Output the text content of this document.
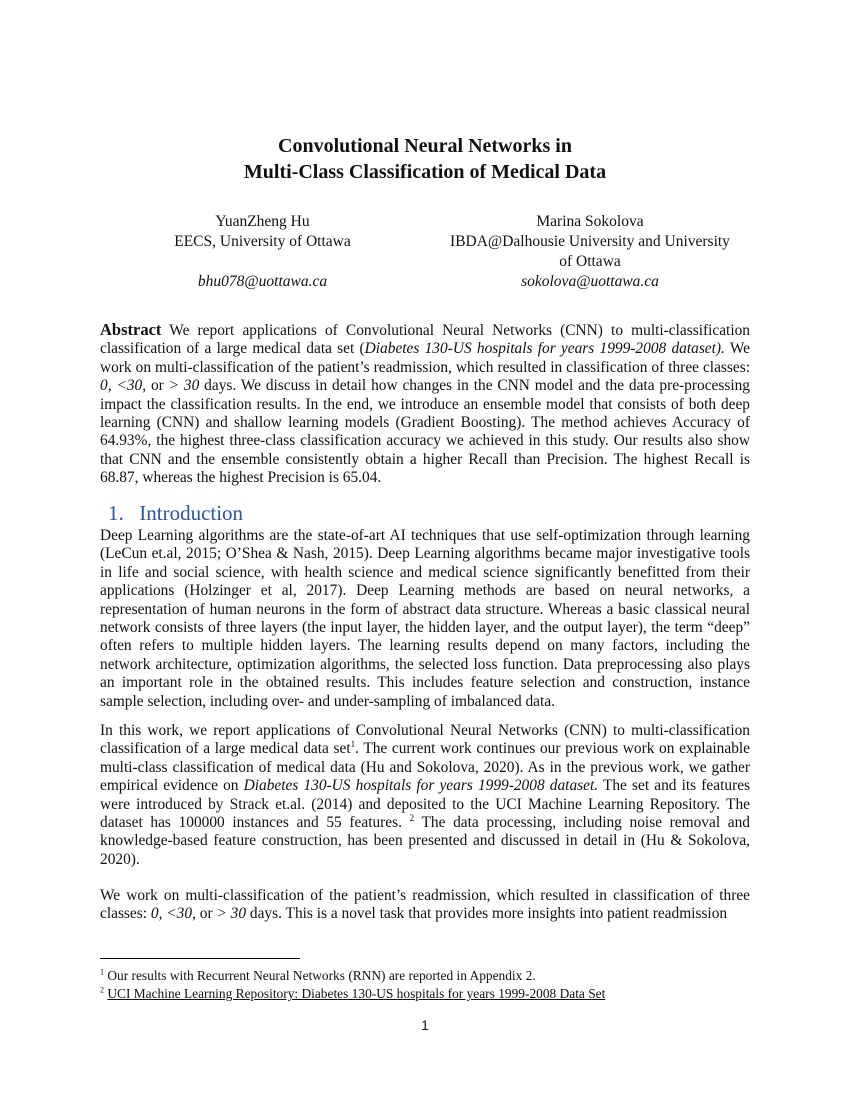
Convolutional Neural Networks in
Multi-Class Classification of Medical Data
YuanZheng Hu
EECS, University of Ottawa
bhu078@uottawa.ca
Marina Sokolova
IBDA@Dalhousie University and University
of Ottawa
sokolova@uottawa.ca
Abstract We report applications of Convolutional Neural Networks (CNN) to multi-classification classification of a large medical data set (Diabetes 130-US hospitals for years 1999-2008 dataset). We work on multi-classification of the patient’s readmission, which resulted in classification of three classes: 0, <30, or > 30 days. We discuss in detail how changes in the CNN model and the data pre-processing impact the classification results. In the end, we introduce an ensemble model that consists of both deep learning (CNN) and shallow learning models (Gradient Boosting). The method achieves Accuracy of 64.93%, the highest three-class classification accuracy we achieved in this study. Our results also show that CNN and the ensemble consistently obtain a higher Recall than Precision. The highest Recall is 68.87, whereas the highest Precision is 65.04.
1. Introduction
Deep Learning algorithms are the state-of-art AI techniques that use self-optimization through learning (LeCun et.al, 2015; O’Shea & Nash, 2015). Deep Learning algorithms became major investigative tools in life and social science, with health science and medical science significantly benefitted from their applications (Holzinger et al, 2017). Deep Learning methods are based on neural networks, a representation of human neurons in the form of abstract data structure. Whereas a basic classical neural network consists of three layers (the input layer, the hidden layer, and the output layer), the term “deep” often refers to multiple hidden layers. The learning results depend on many factors, including the network architecture, optimization algorithms, the selected loss function. Data preprocessing also plays an important role in the obtained results. This includes feature selection and construction, instance sample selection, including over- and under-sampling of imbalanced data.
In this work, we report applications of Convolutional Neural Networks (CNN) to multi-classification classification of a large medical data set$^1$. The current work continues our previous work on explainable multi-class classification of medical data (Hu and Sokolova, 2020). As in the previous work, we gather empirical evidence on Diabetes 130-US hospitals for years 1999-2008 dataset. The set and its features were introduced by Strack et.al. (2014) and deposited to the UCI Machine Learning Repository. The dataset has 100000 instances and 55 features. $^2$ The data processing, including noise removal and knowledge-based feature construction, has been presented and discussed in detail in (Hu & Sokolova, 2020).
We work on multi-classification of the patient’s readmission, which resulted in classification of three classes: 0, <30, or > 30 days. This is a novel task that provides more insights into patient readmission
$^1$ Our results with Recurrent Neural Networks (RNN) are reported in Appendix 2.
$^2$ UCI Machine Learning Repository: Diabetes 130-US hospitals for years 1999-2008 Data Set
1
